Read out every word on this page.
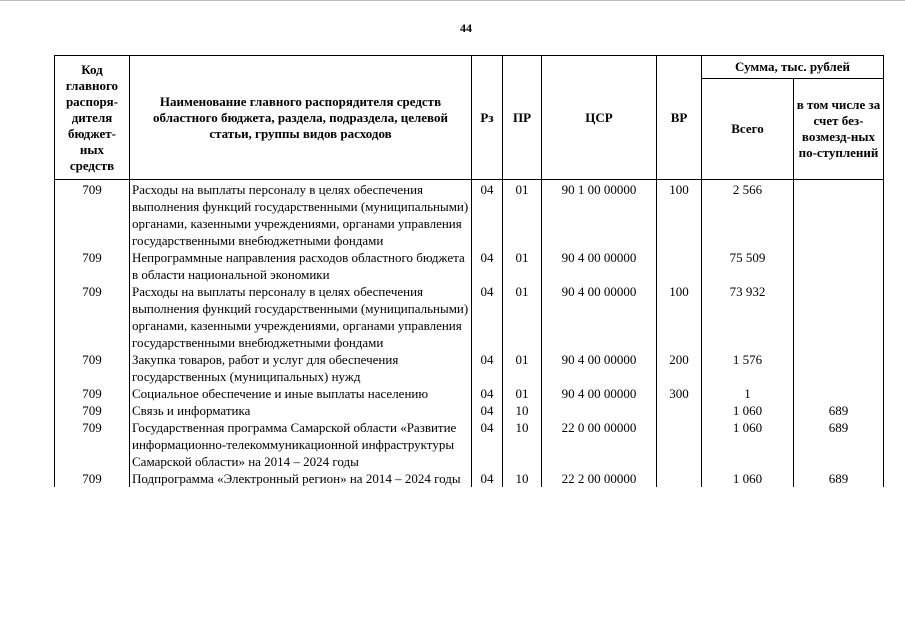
44
Код главного распоря-дителя бюджет-ных средств	Наименование главного распорядителя средств областного бюджета, раздела, подраздела, целевой статьи, группы видов расходов	Рз	ПР	ЦСР	ВР	Сумма, тыс. рублей	
						Всего	в том числе за счет без-возмезд-ных по-ступлений
709	Расходы на выплаты персоналу в целях обеспечения выполнения функций государственными (муниципальными) органами, казенными учреждениями, органами управления государственными внебюджетными фондами	04	01	90 1 00 00000	100	2 566	
709	Непрограммные направления расходов областного бюджета в области национальной экономики	04	01	90 4 00 00000		75 509	
709	Расходы на выплаты персоналу в целях обеспечения выполнения функций государственными (муниципальными) органами, казенными учреждениями, органами управления государственными внебюджетными фондами	04	01	90 4 00 00000	100	73 932	
709	Закупка товаров, работ и услуг для обеспечения государственных (муниципальных) нужд	04	01	90 4 00 00000	200	1 576	
709	Социальное обеспечение и иные выплаты населению	04	01	90 4 00 00000	300	1	
709	Связь и информатика	04	10			1 060	689
709	Государственная программа Самарской области «Развитие информационно-телекоммуникационной инфраструктуры Самарской области» на 2014 – 2024 годы	04	10	22 0 00 00000		1 060	689
709	Подпрограмма «Электронный регион» на 2014 – 2024 годы	04	10	22 2 00 00000		1 060	689
